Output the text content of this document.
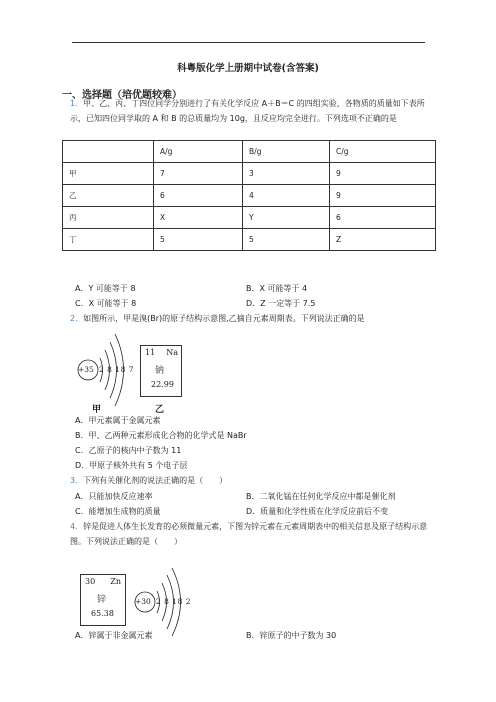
科粤版化学上册期中试卷(含答案)
一、选择题（培优题较难）
1．甲、乙、丙、丁四位同学分别进行了有关化学反应 A＋B＝C 的四组实验，各物质的质量如下表所示，已知四位同学取的 A 和 B 的总质量均为 10g，且反应均完全进行。下列选项不正确的是
	A/g	B/g	C/g
甲	7	3	9
乙	6	4	9
丙	X	Y	6
丁	5	5	Z
A．Y 可能等于 8	B．X 可能等于 4
C．X 可能等于 8	D．Z 一定等于 7.5
2．如图所示，甲是溴(Br)的原子结构示意图,乙摘自元素周期表。下列说法正确的是
+35 2 8 18 7
甲
11 Na
钠
22.99
乙
A．甲元素属于金属元素
B．甲、乙两种元素形成化合物的化学式是 NaBr
C．乙原子的核内中子数为 11
D．甲原子核外共有 5 个电子层
3．下列有关催化剂的说法正确的是（　　）
A．只能加快反应速率	B．二氧化锰在任何化学反应中都是催化剂
C．能增加生成物的质量	D．质量和化学性质在化学反应前后不变
4．锌是促进人体生长发育的必须微量元素，下图为锌元素在元素周期表中的相关信息及原子结构示意图。下列说法正确的是（　　）
30 Zn
锌
65.38
+30 2 8 18 2
A．锌属于非金属元素	B．锌原子的中子数为 30
